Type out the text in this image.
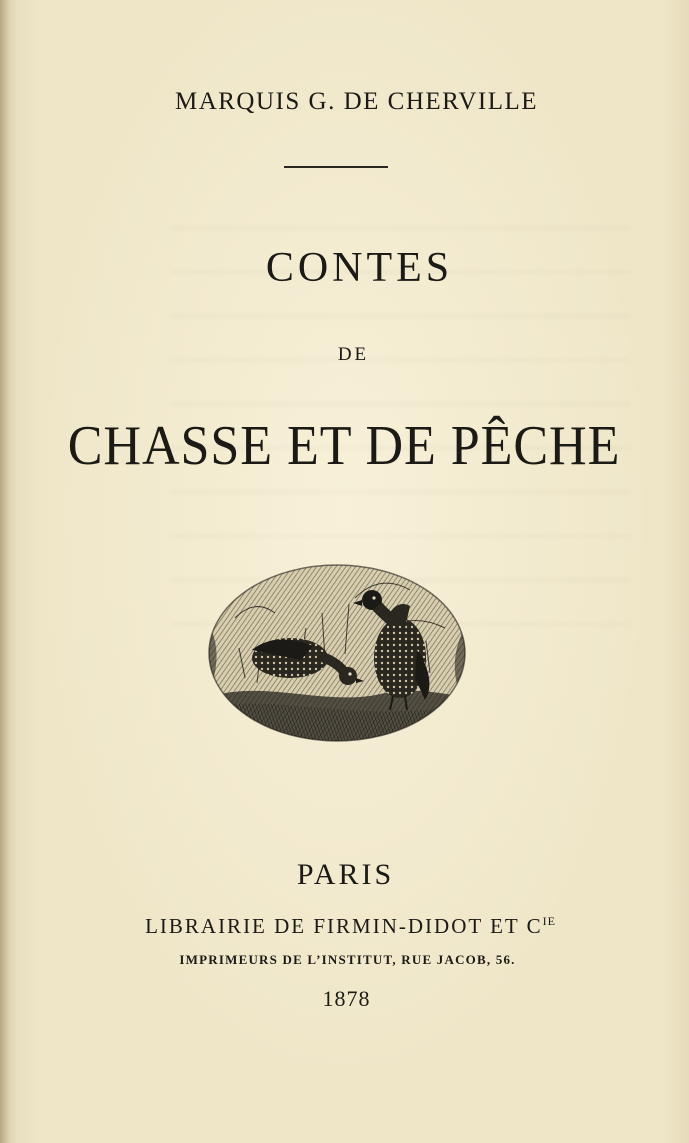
MARQUIS G. DE CHERVILLE
CONTES
DE
CHASSE ET DE PÊCHE
PARIS
LIBRAIRIE DE FIRMIN-DIDOT ET $C^{IE}$
IMPRIMEURS DE L’INSTITUT, RUE JACOB, 56.
1878
